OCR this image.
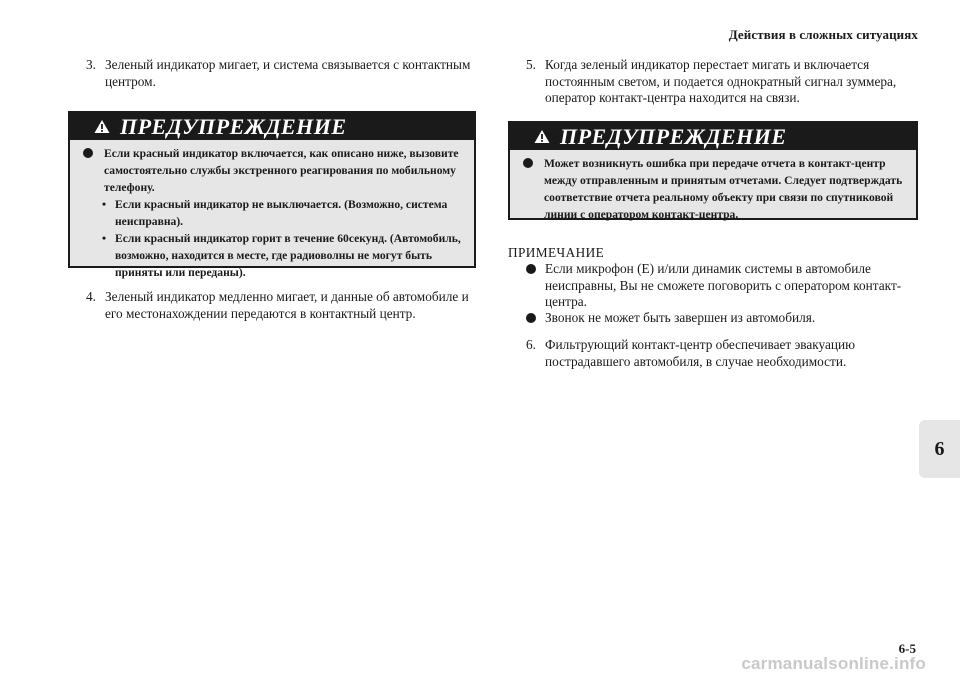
Действия в сложных ситуациях
3. Зеленый индикатор мигает, и система связывается с контактным центром.
ПРЕДУПРЕЖДЕНИЕ
Если красный индикатор включается, как описано ниже, вызовите самостоятельно службы экстренного реагирования по мобильному телефону.
• Если красный индикатор не выключается. (Возможно, система неисправна).
• Если красный индикатор горит в течение 60секунд. (Автомобиль, возможно, находится в месте, где радиоволны не могут быть приняты или переданы).
4. Зеленый индикатор медленно мигает, и данные об автомобиле и его местонахождении передаются в контактный центр.
5. Когда зеленый индикатор перестает мигать и включается постоянным светом, и подается однократный сигнал зуммера, оператор контакт-центра находится на связи.
ПРЕДУПРЕЖДЕНИЕ
Может возникнуть ошибка при передаче отчета в контакт-центр между отправленным и принятым отчетами. Следует подтверждать соответствие отчета реальному объекту при связи по спутниковой линии с оператором контакт-центра.
ПРИМЕЧАНИЕ
Если микрофон (Е) и/или динамик системы в автомобиле неисправны, Вы не сможете поговорить с оператором контакт-центра.
Звонок не может быть завершен из автомобиля.
6. Фильтрующий контакт-центр обеспечивает эвакуацию пострадавшего автомобиля, в случае необходимости.
6
6-5
carmanualsonline.info
